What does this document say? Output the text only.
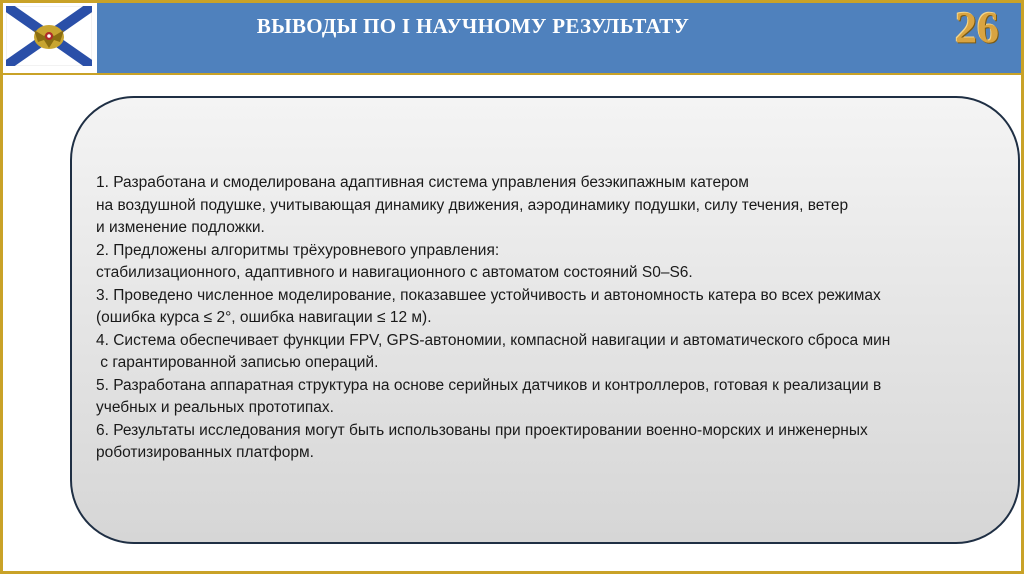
ВЫВОДЫ ПО I НАУЧНОМУ РЕЗУЛЬТАТУ	26
1. Разработана и смоделирована адаптивная система управления безэкипажным катером
на воздушной подушке, учитывающая динамику движения, аэродинамику подушки, силу течения, ветер
и изменение подложки.
2. Предложены алгоритмы трёхуровневого управления:
стабилизационного, адаптивного и навигационного с автоматом состояний S0–S6.
3. Проведено численное моделирование, показавшее устойчивость и автономность катера во всех режимах
(ошибка курса ≤ 2°, ошибка навигации ≤ 12 м).
4. Система обеспечивает функции FPV, GPS-автономии, компасной навигации и автоматического сброса мин
с гарантированной записью операций.
5. Разработана аппаратная структура на основе серийных датчиков и контроллеров, готовая к реализации в
учебных и реальных прототипах.
6. Результаты исследования могут быть использованы при проектировании военно-морских и инженерных
роботизированных платформ.
